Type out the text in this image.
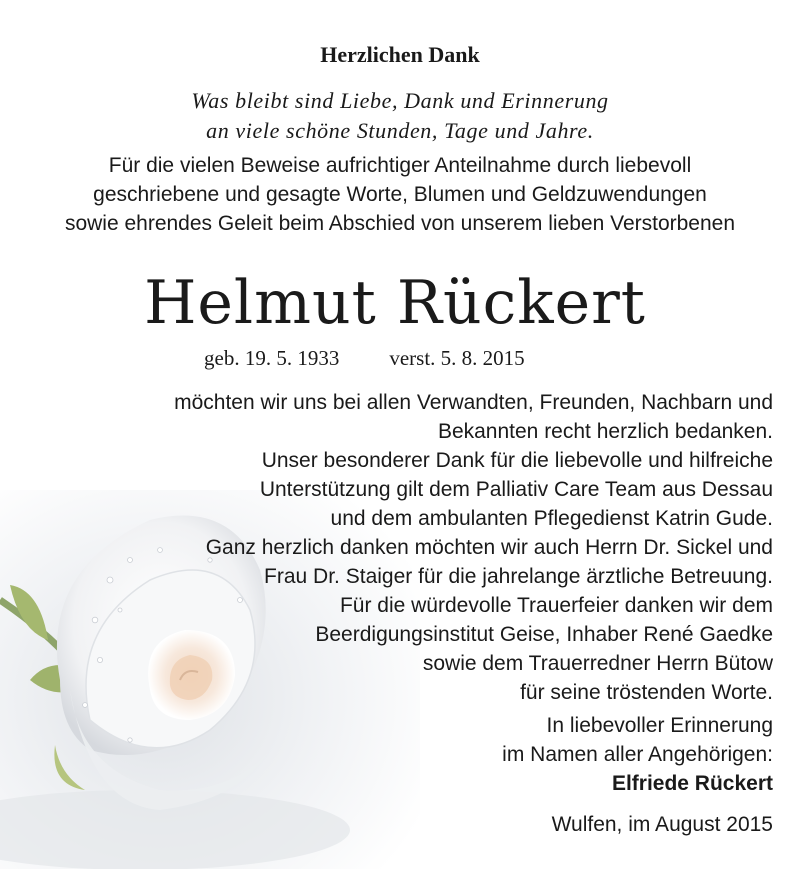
Herzlichen Dank
Was bleibt sind Liebe, Dank und Erinnerung
an viele schöne Stunden, Tage und Jahre.
Für die vielen Beweise aufrichtiger Anteilnahme durch liebevoll
geschriebene und gesagte Worte, Blumen und Geldzuwendungen
sowie ehrendes Geleit beim Abschied von unserem lieben Verstorbenen
Helmut Rückert
geb. 19. 5. 1933 verst. 5. 8. 2015
möchten wir uns bei allen Verwandten, Freunden, Nachbarn und
Bekannten recht herzlich bedanken.
Unser besonderer Dank für die liebevolle und hilfreiche
Unterstützung gilt dem Palliativ Care Team aus Dessau
und dem ambulanten Pflegedienst Katrin Gude.
Ganz herzlich danken möchten wir auch Herrn Dr. Sickel und
Frau Dr. Staiger für die jahrelange ärztliche Betreuung.
Für die würdevolle Trauerfeier danken wir dem
Beerdigungsinstitut Geise, Inhaber René Gaedke
sowie dem Trauerredner Herrn Bütow
für seine tröstenden Worte.
In liebevoller Erinnerung
im Namen aller Angehörigen:
Elfriede Rückert
Wulfen, im August 2015
